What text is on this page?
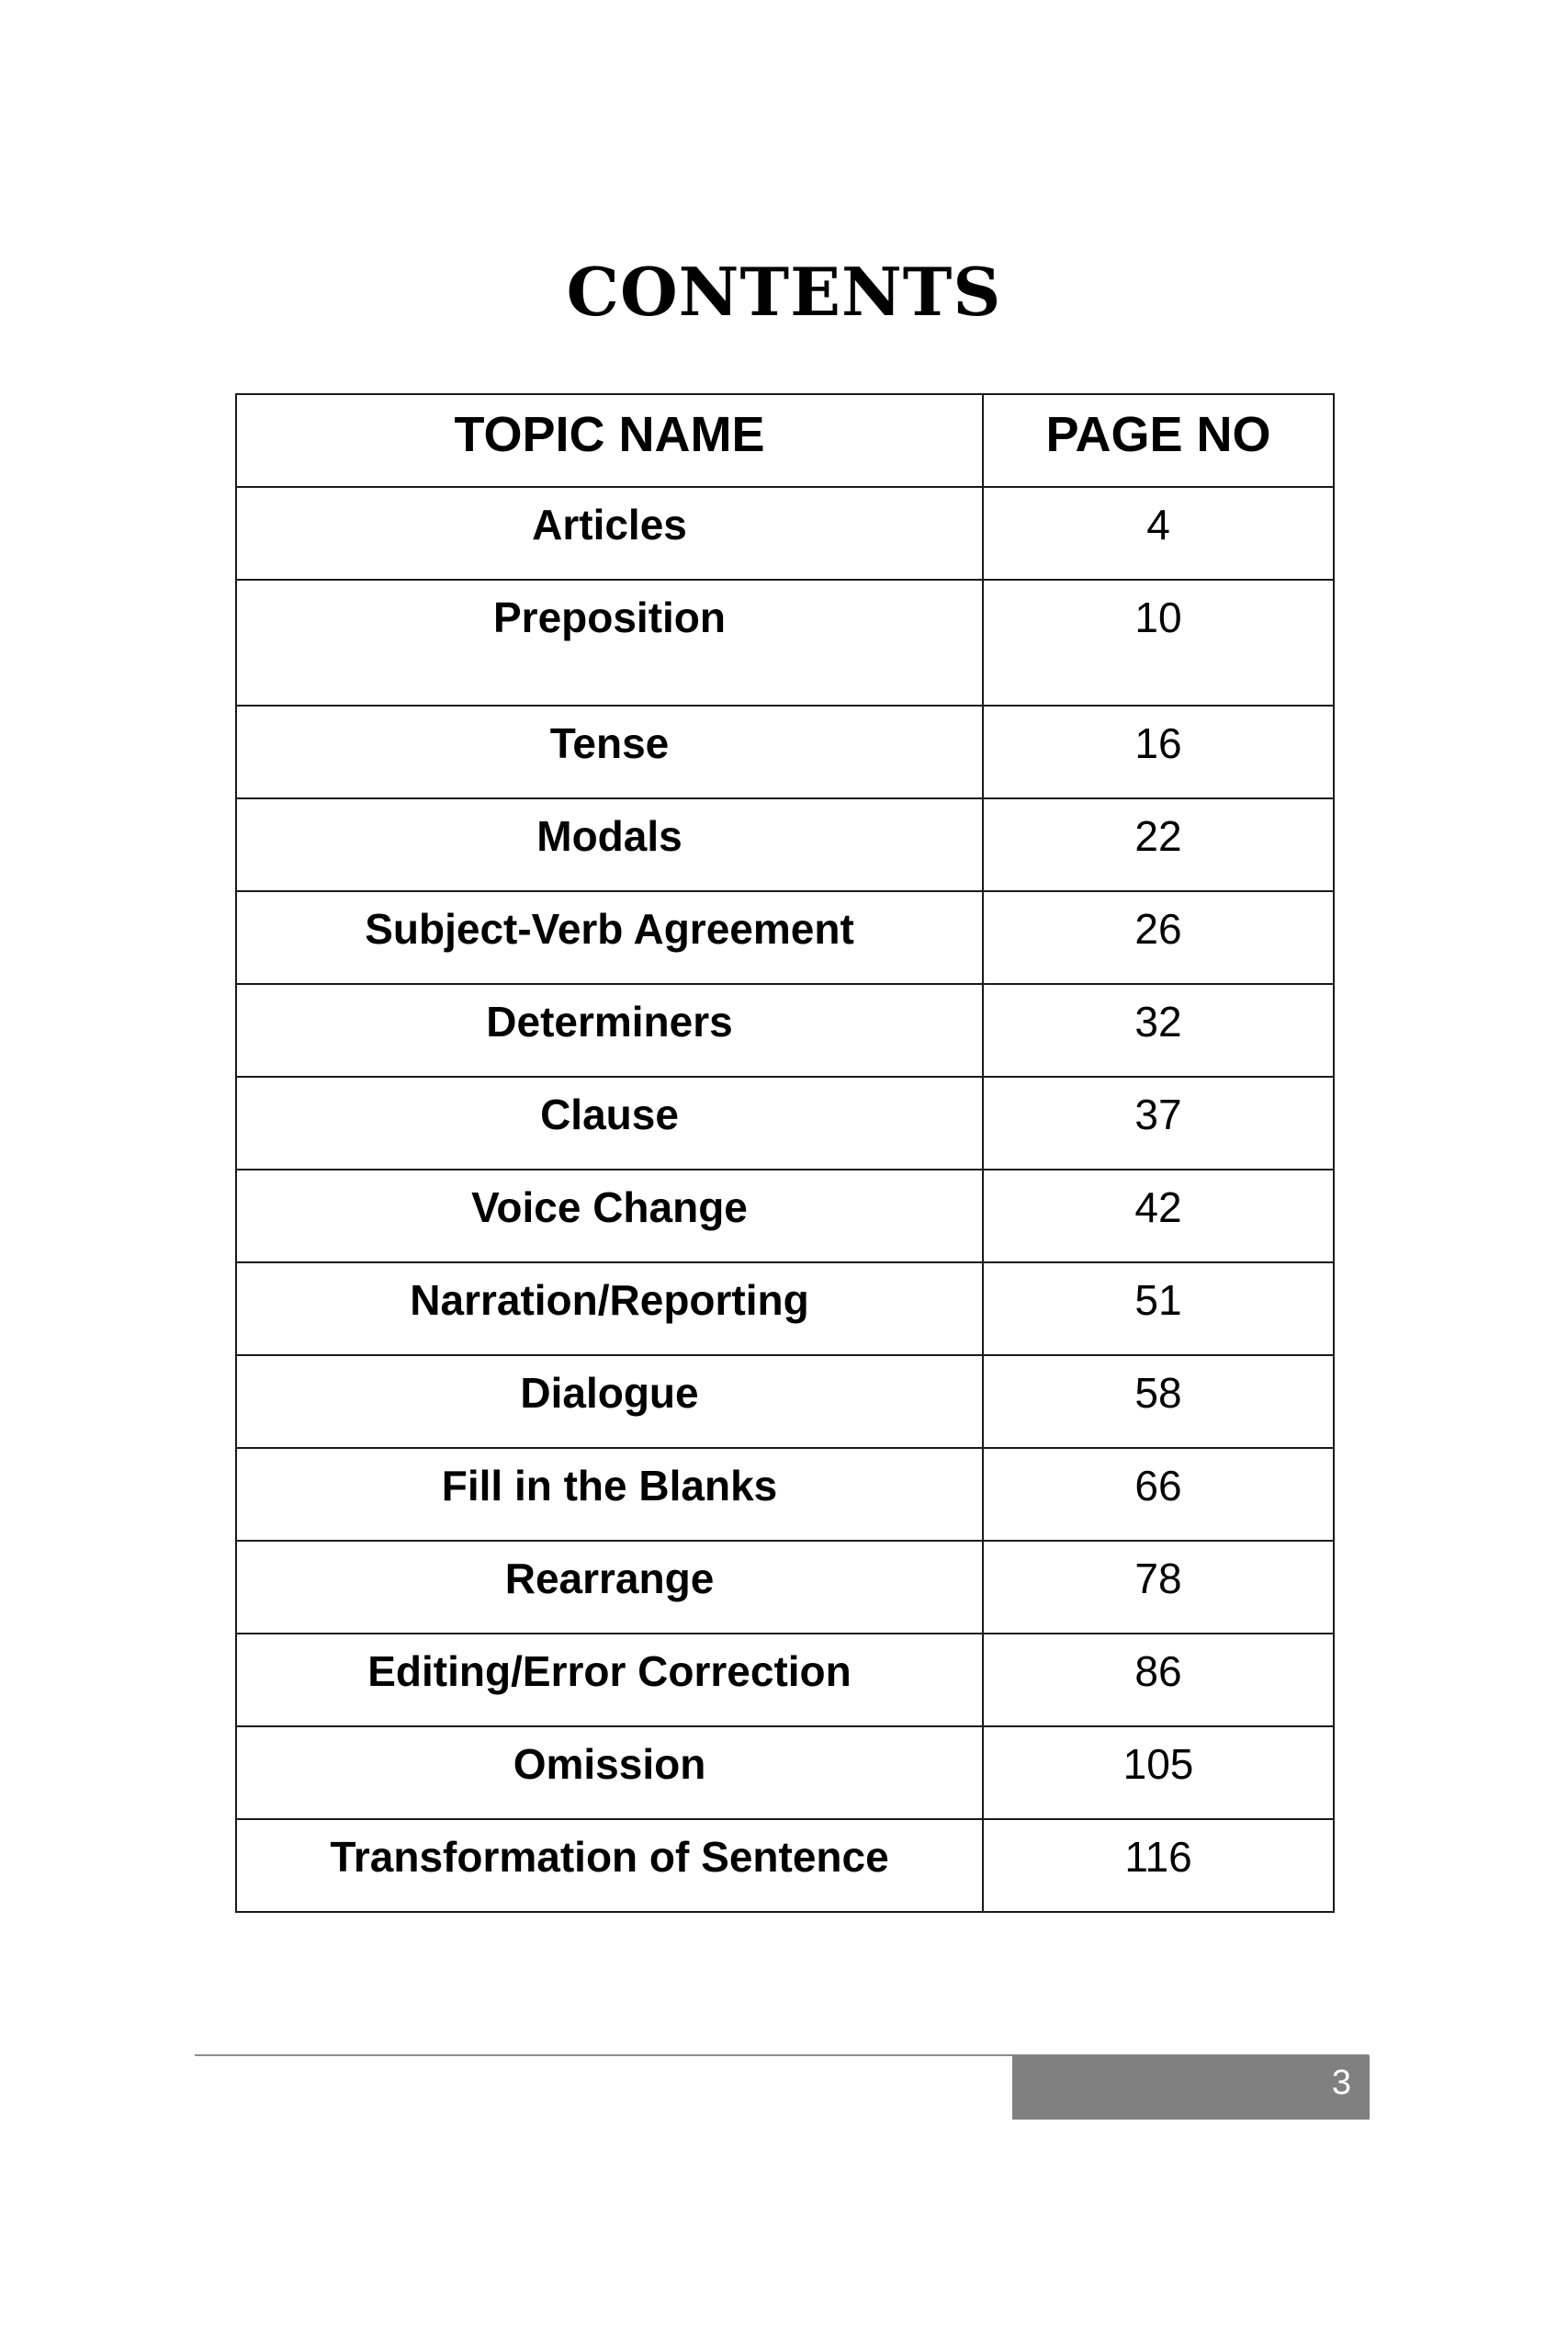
CONTENTS
TOPIC NAME	PAGE NO
Articles	4
Preposition	10
Tense	16
Modals	22
Subject-Verb Agreement	26
Determiners	32
Clause	37
Voice Change	42
Narration/Reporting	51
Dialogue	58
Fill in the Blanks	66
Rearrange	78
Editing/Error Correction	86
Omission	105
Transformation of Sentence	116
3
